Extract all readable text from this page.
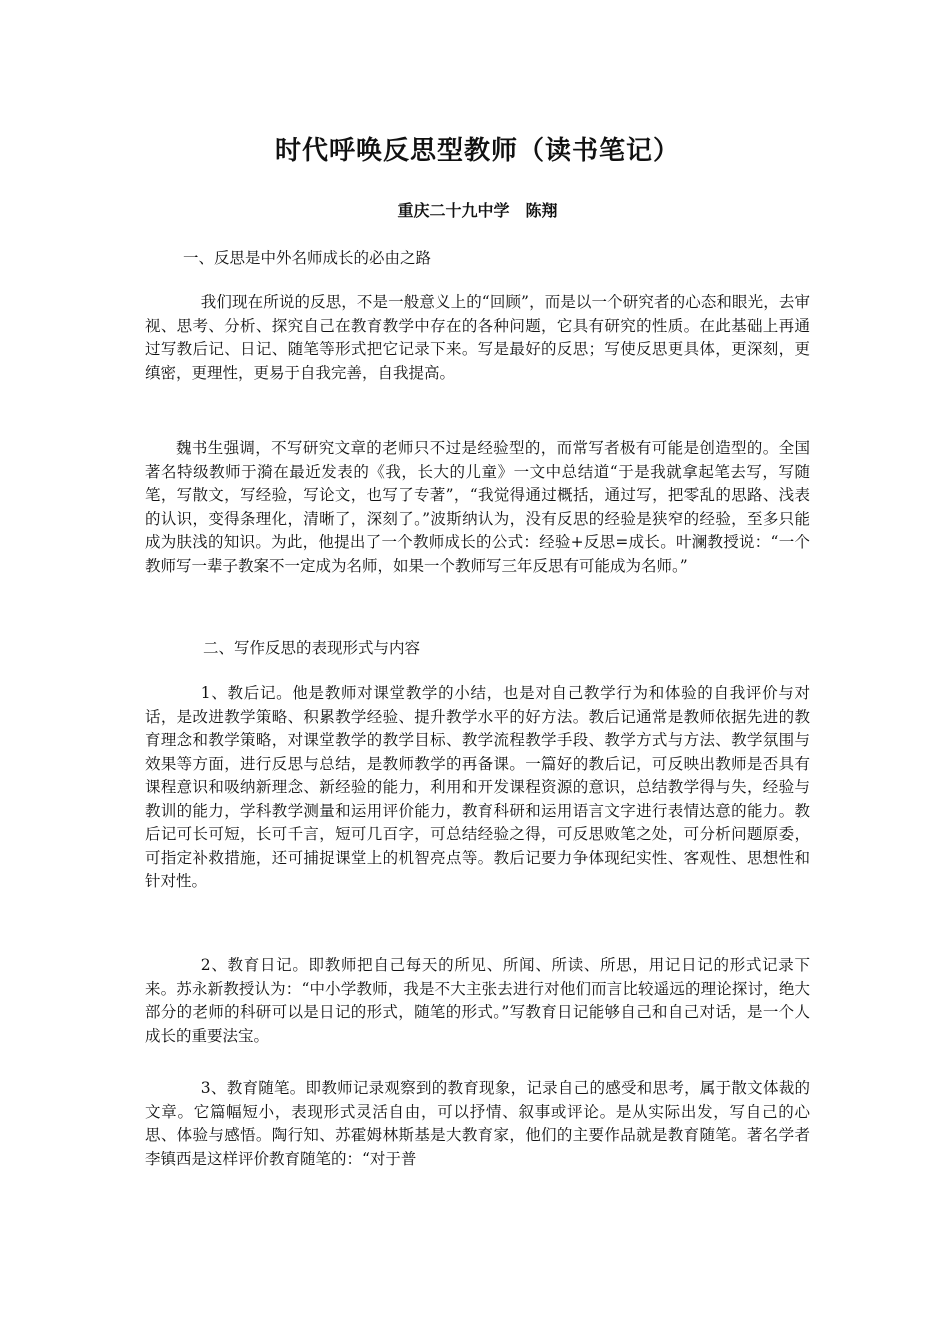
时代呼唤反思型教师（读书笔记）

重庆二十九中学　陈翔

一、反思是中外名师成长的必由之路

我们现在所说的反思，不是一般意义上的“回顾”，而是以一个研究者的心态和眼光，去审视、思考、分析、探究自己在教育教学中存在的各种问题，它具有研究的性质。在此基础上再通过写教后记、日记、随笔等形式把它记录下来。写是最好的反思；写使反思更具体，更深刻，更缜密，更理性，更易于自我完善，自我提高。

魏书生强调，不写研究文章的老师只不过是经验型的，而常写者极有可能是创造型的。全国著名特级教师于漪在最近发表的《我，长大的儿童》一文中总结道“于是我就拿起笔去写，写随笔，写散文，写经验，写论文，也写了专著”，“我觉得通过概括，通过写，把零乱的思路、浅表的认识，变得条理化，清晰了，深刻了。”波斯纳认为，没有反思的经验是狭窄的经验，至多只能成为肤浅的知识。为此，他提出了一个教师成长的公式：经验+反思=成长。叶澜教授说：“一个教师写一辈子教案不一定成为名师，如果一个教师写三年反思有可能成为名师。”

二、写作反思的表现形式与内容

1、教后记。他是教师对课堂教学的小结，也是对自己教学行为和体验的自我评价与对话，是改进教学策略、积累教学经验、提升教学水平的好方法。教后记通常是教师依据先进的教育理念和教学策略，对课堂教学的教学目标、教学流程教学手段、教学方式与方法、教学氛围与效果等方面，进行反思与总结，是教师教学的再备课。一篇好的教后记，可反映出教师是否具有课程意识和吸纳新理念、新经验的能力，利用和开发课程资源的意识，总结教学得与失，经验与教训的能力，学科教学测量和运用评价能力，教育科研和运用语言文字进行表情达意的能力。教后记可长可短，长可千言，短可几百字，可总结经验之得，可反思败笔之处，可分析问题原委，可指定补救措施，还可捕捉课堂上的机智亮点等。教后记要力争体现纪实性、客观性、思想性和针对性。

2、教育日记。即教师把自己每天的所见、所闻、所读、所思，用记日记的形式记录下来。苏永新教授认为：“中小学教师，我是不大主张去进行对他们而言比较遥远的理论探讨，绝大部分的老师的科研可以是日记的形式，随笔的形式。”写教育日记能够自己和自己对话，是一个人成长的重要法宝。

3、教育随笔。即教师记录观察到的教育现象，记录自己的感受和思考，属于散文体裁的文章。它篇幅短小，表现形式灵活自由，可以抒情、叙事或评论。是从实际出发，写自己的心思、体验与感悟。陶行知、苏霍姆林斯基是大教育家，他们的主要作品就是教育随笔。著名学者李镇西是这样评价教育随笔的：“对于普
